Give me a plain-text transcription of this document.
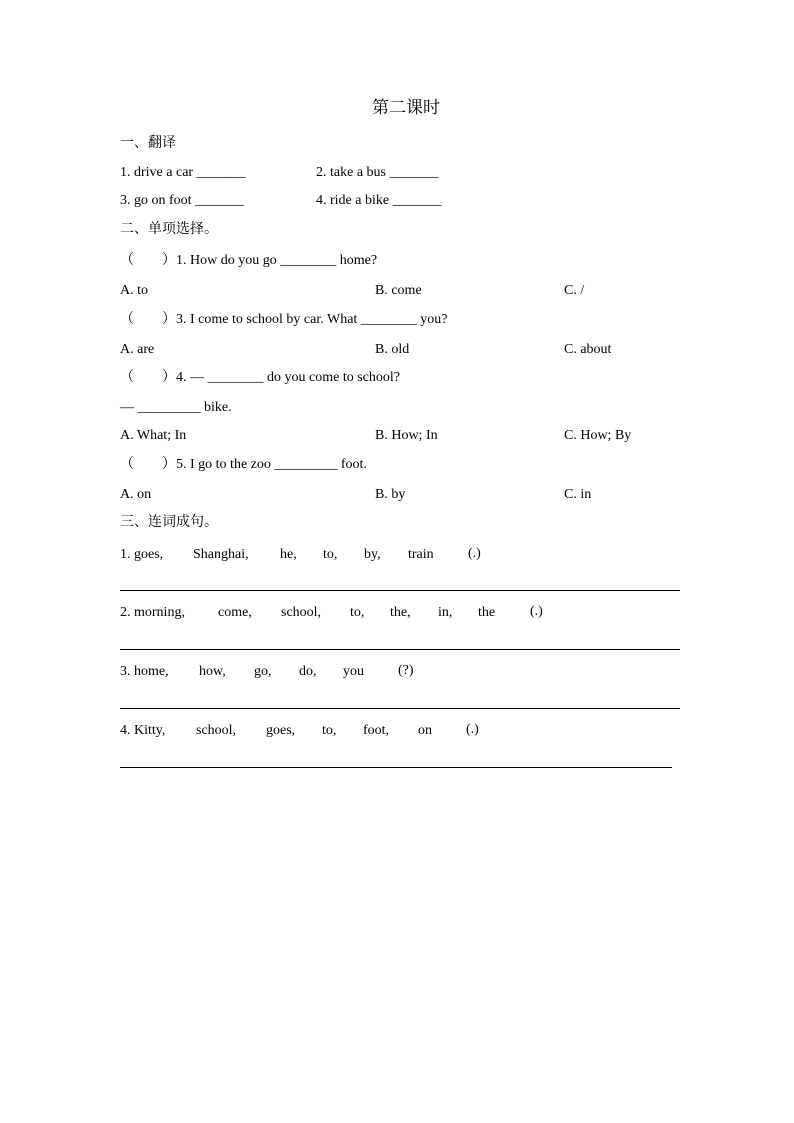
第二课时
一、翻译
1. drive a car _______	2. take a bus _______
3. go on foot _______	4. ride a bike _______
二、单项选择。
（　　）1. How do you go ________ home?
A. to	B. come	C. /
（　　）3. I come to school by car. What ________ you?
A. are	B. old	C. about
（　　）4. — ________ do you come to school?
— _________ bike.
A. What; In	B. How; In	C. How; By
（　　）5. I go to the zoo _________ foot.
A. on	B. by	C. in
三、连词成句。
1. goes, Shanghai, he, to, by, train (.)
2. morning, come, school, to, the, in, the (.)
3. home, how, go, do, you (?)
4. Kitty, school, goes, to, foot, on (.)
